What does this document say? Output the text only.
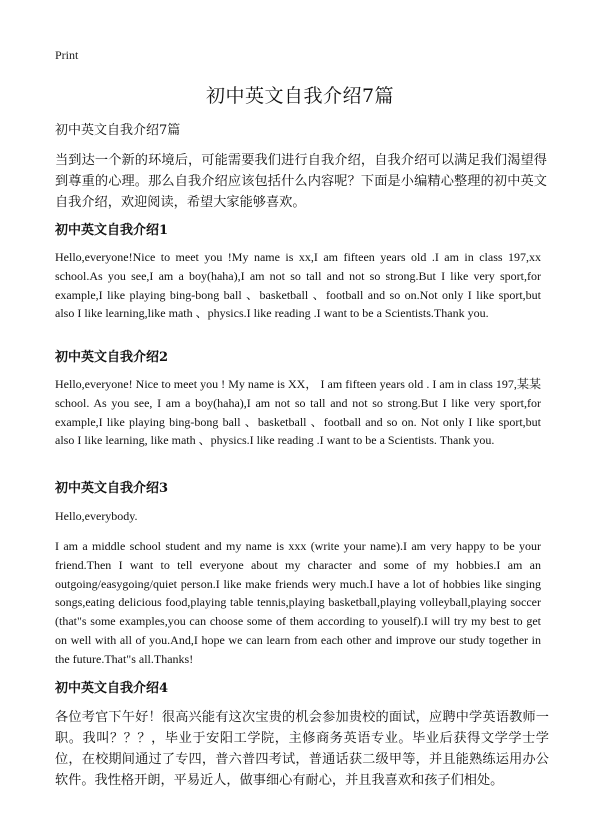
Print
初中英文自我介绍7篇

初中英文自我介绍7篇

当到达一个新的环境后，可能需要我们进行自我介绍，自我介绍可以满足我们渴望得到尊重的心理。那么自我介绍应该包括什么内容呢？下面是小编精心整理的初中英文自我介绍，欢迎阅读，希望大家能够喜欢。

初中英文自我介绍1

Hello,everyone!Nice to meet you !My name is xx,I am fifteen years old .I am in class 197,xx school.As you see,I am a boy(haha),I am not so tall and not so strong.But I like very sport,for example,I like playing bing-bong ball 、basketball 、football and so on.Not only I like sport,but also I like learning,like math 、physics.I like reading .I want to be a Scientists.Thank you.

初中英文自我介绍2

Hello,everyone! Nice to meet you ! My name is XX， I am fifteen years old . I am in class 197,某某 school. As you see, I am a boy(haha),I am not so tall and not so strong.But I like very sport,for example,I like playing bing-bong ball 、basketball 、football and so on. Not only I like sport,but also I like learning, like math 、physics.I like reading .I want to be a Scientists. Thank you.

初中英文自我介绍3

Hello,everybody.

I am a middle school student and my name is xxx (write your name).I am very happy to be your friend.Then I want to tell everyone about my character and some of my hobbies.I am an outgoing/easygoing/quiet person.I like make friends wery much.I have a lot of hobbies like singing songs,eating delicious food,playing table tennis,playing basketball,playing volleyball,playing soccer (that"s some examples,you can choose some of them according to youself).I will try my best to get on well with all of you.And,I hope we can learn from each other and improve our study together in the future.That"s all.Thanks!

初中英文自我介绍4

各位考官下午好！很高兴能有这次宝贵的机会参加贵校的面试，应聘中学英语教师一职。我叫？？？，毕业于安阳工学院，主修商务英语专业。毕业后获得文学学士学位，在校期间通过了专四，普六普四考试，普通话获二级甲等，并且能熟练运用办公软件。我性格开朗，平易近人，做事细心有耐心，并且我喜欢和孩子们相处。
